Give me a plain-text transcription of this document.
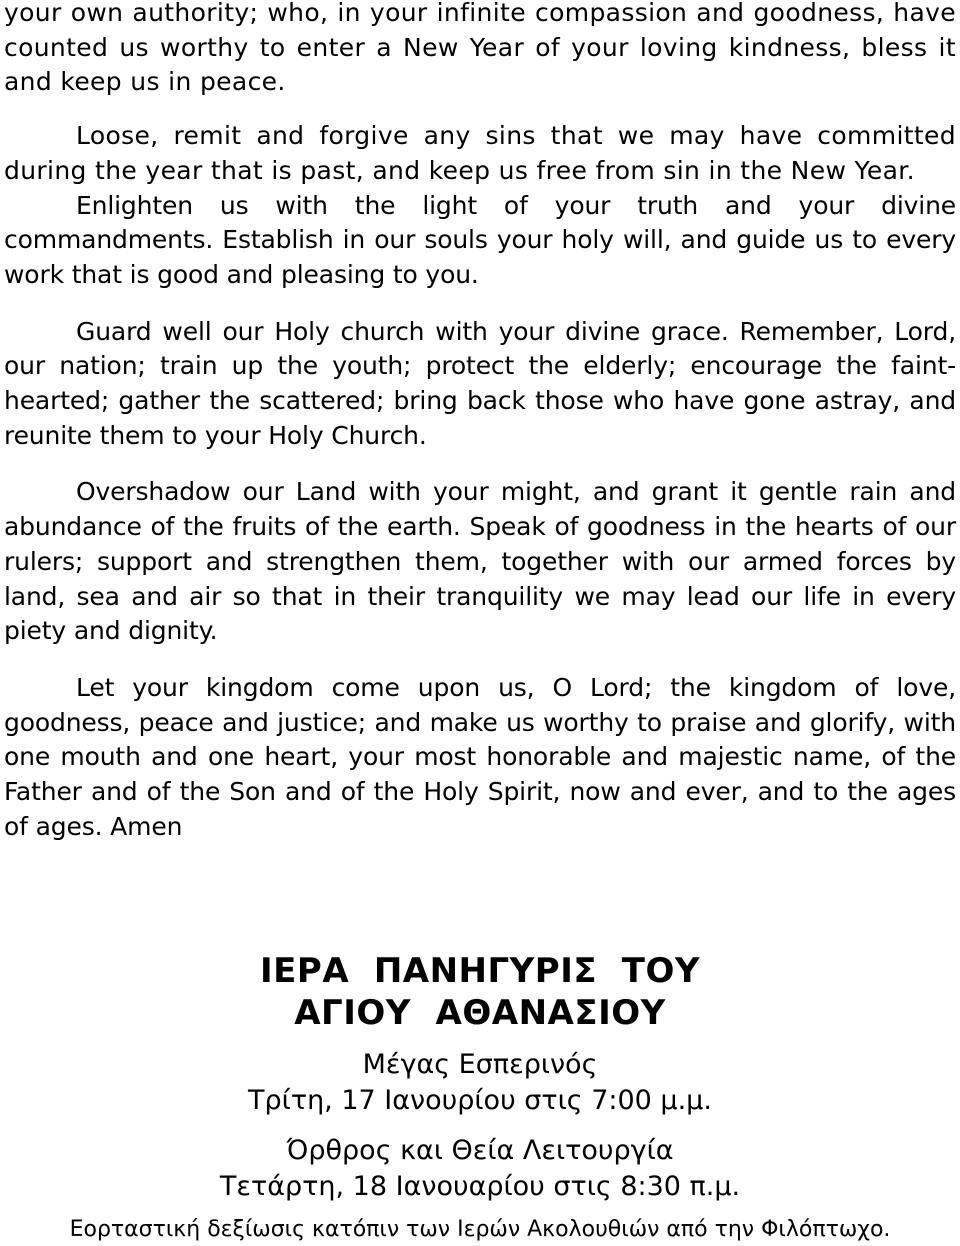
your own authority; who, in your infinite compassion and goodness, have counted us worthy to enter a New Year of your loving kindness, bless it and keep us in peace.

Loose, remit and forgive any sins that we may have committed during the year that is past, and keep us free from sin in the New Year.

Enlighten us with the light of your truth and your divine commandments. Establish in our souls your holy will, and guide us to every work that is good and pleasing to you.

Guard well our Holy church with your divine grace. Remember, Lord, our nation; train up the youth; protect the elderly; encourage the faint-hearted; gather the scattered; bring back those who have gone astray, and reunite them to your Holy Church.

Overshadow our Land with your might, and grant it gentle rain and abundance of the fruits of the earth. Speak of goodness in the hearts of our rulers; support and strengthen them, together with our armed forces by land, sea and air so that in their tranquility we may lead our life in every piety and dignity.

Let your kingdom come upon us, O Lord; the kingdom of love, goodness, peace and justice; and make us worthy to praise and glorify, with one mouth and one heart, your most honorable and majestic name, of the Father and of the Son and of the Holy Spirit, now and ever, and to the ages of ages. Amen

ΙΕΡΑ  ΠΑΝΗΓΥΡΙΣ  ΤΟΥ
ΑΓΙΟΥ  ΑΘΑΝΑΣΙΟΥ
Μέγας Εσπερινός
Τρίτη, 17 Ιανουρίου στις 7:00 μ.μ.
Όρθρος και Θεία Λειτουργία
Τετάρτη, 18 Ιανουαρίου στις 8:30 π.μ.
Εορταστική δεξίωσις κατόπιν των Ιερών Ακολουθιών από την Φιλόπτωχο.
